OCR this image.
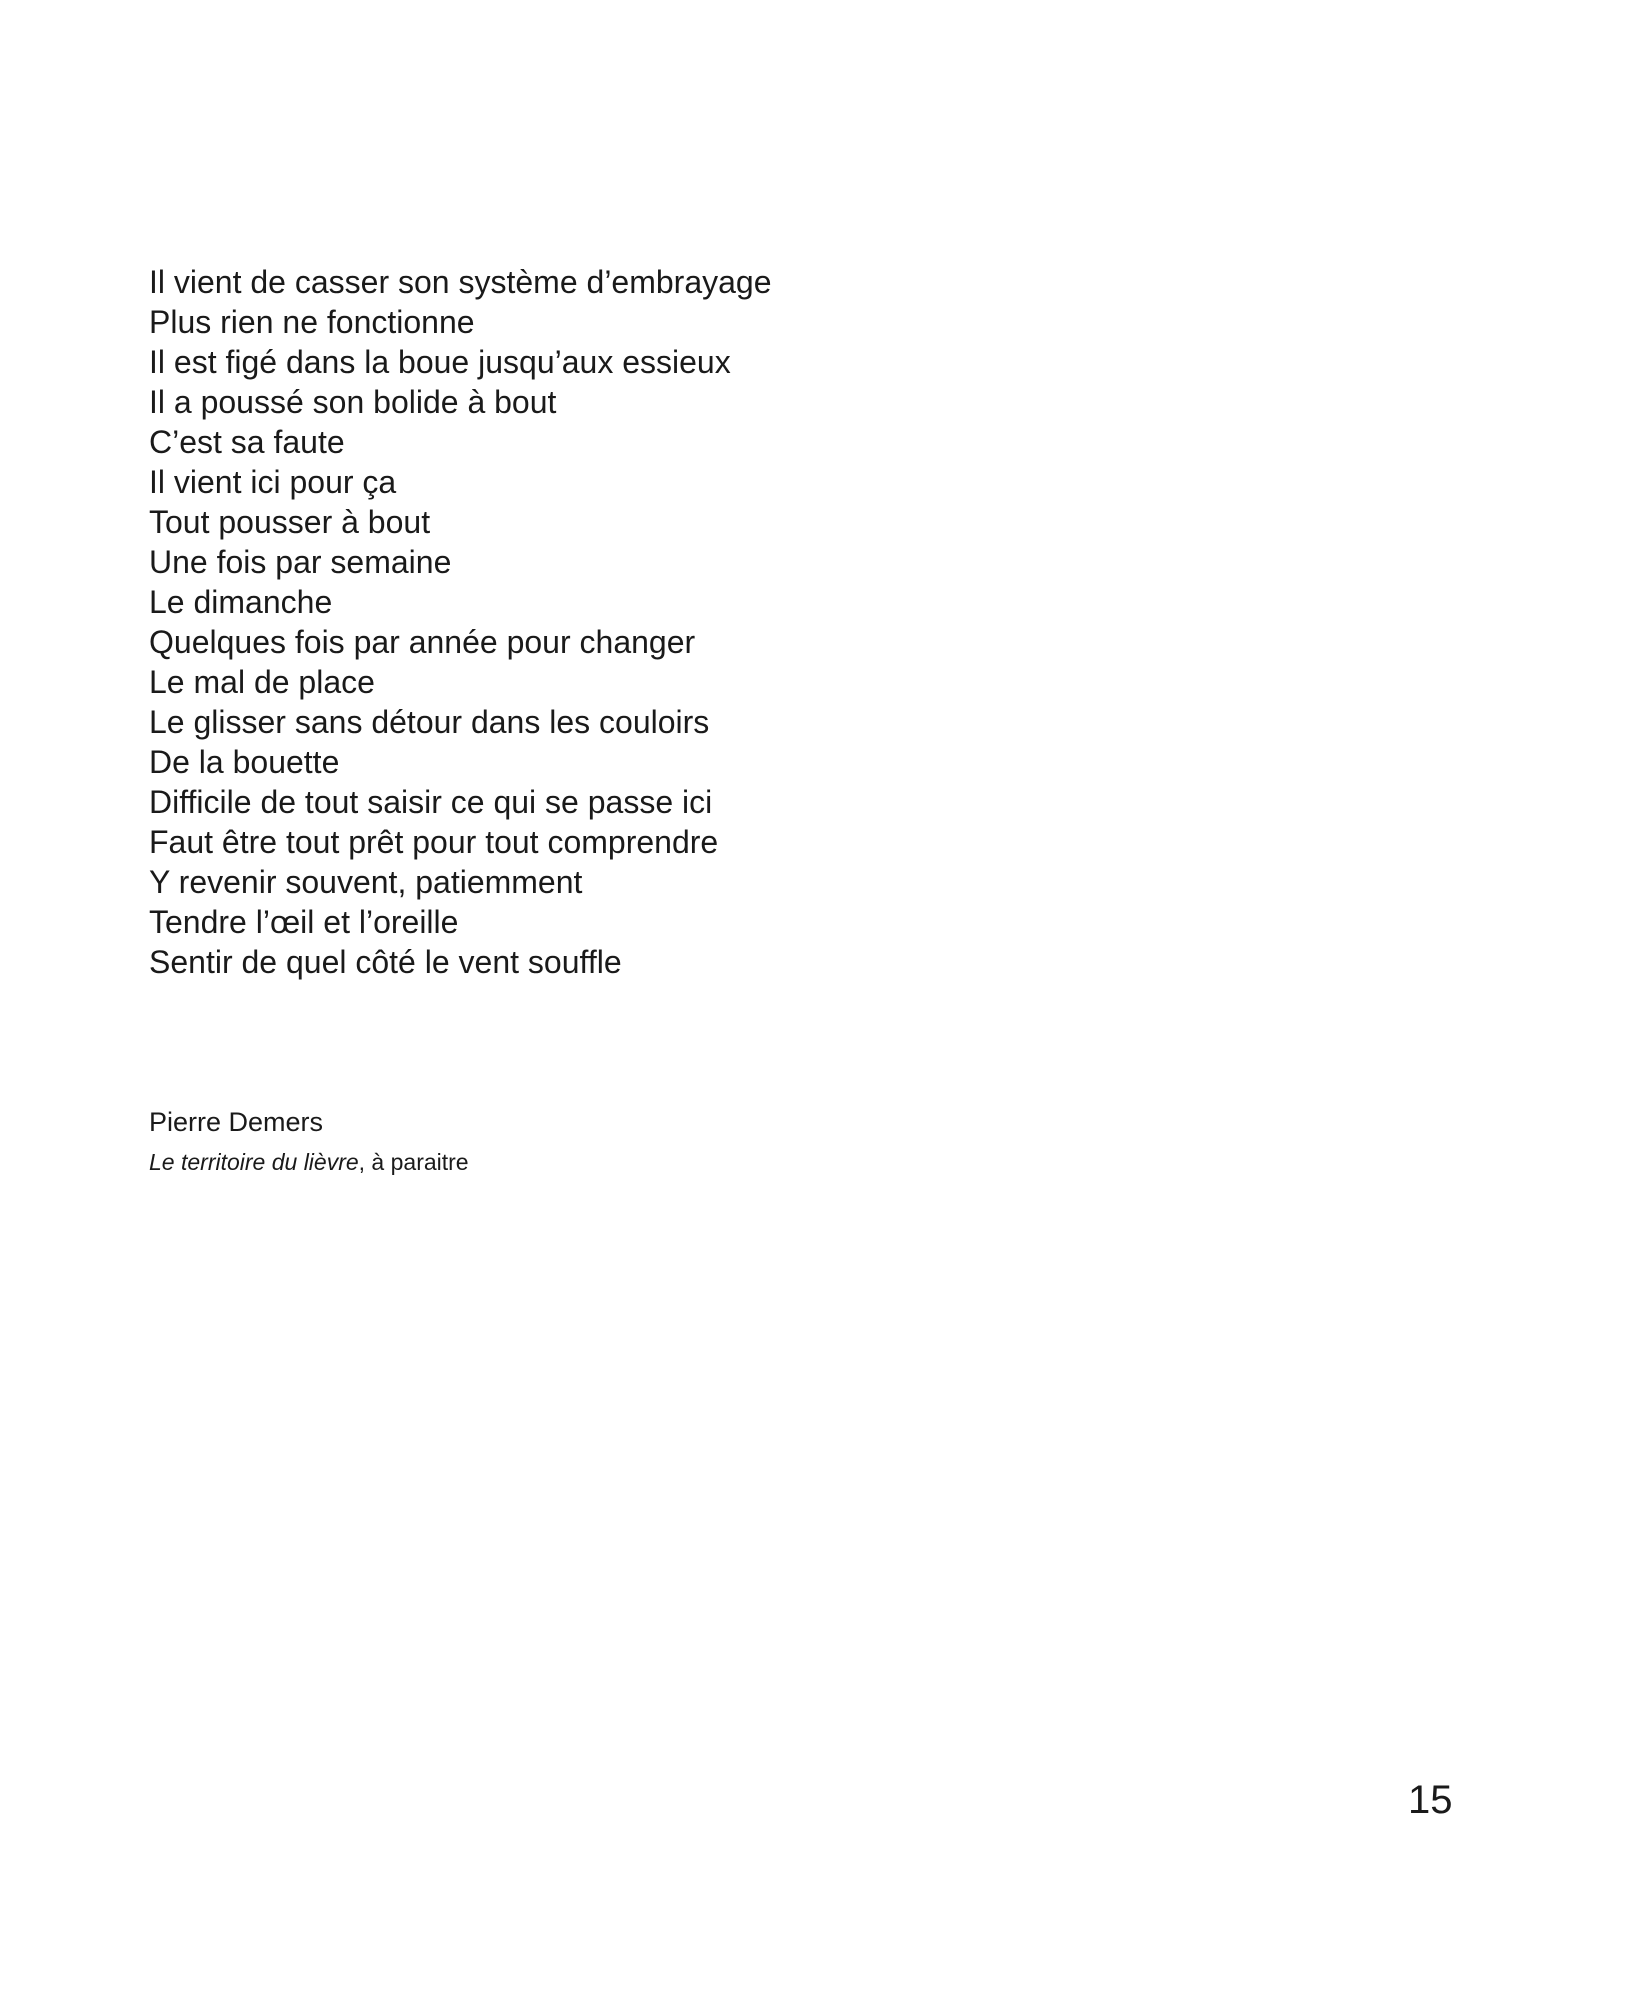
Il vient de casser son système d’embrayage
Plus rien ne fonctionne
Il est figé dans la boue jusqu’aux essieux
Il a poussé son bolide à bout
C’est sa faute
Il vient ici pour ça
Tout pousser à bout
Une fois par semaine
Le dimanche
Quelques fois par année pour changer
Le mal de place
Le glisser sans détour dans les couloirs
De la bouette
Difficile de tout saisir ce qui se passe ici
Faut être tout prêt pour tout comprendre
Y revenir souvent, patiemment
Tendre l’œil et l’oreille
Sentir de quel côté le vent souffle
Pierre Demers
Le territoire du lièvre, à paraitre
15
